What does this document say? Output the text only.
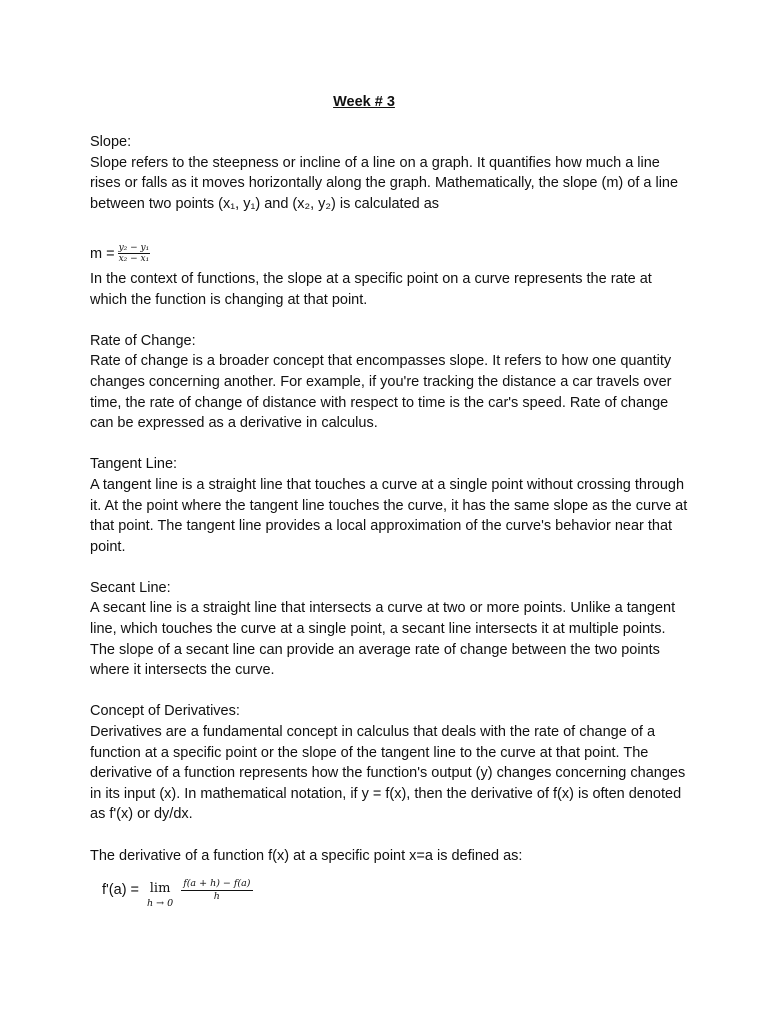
Week # 3

Slope:

Slope refers to the steepness or incline of a line on a graph. It quantifies how much a line rises or falls as it moves horizontally along the graph. Mathematically, the slope (m) of a line between two points (x₁, y₁) and (x₂, y₂) is calculated as

$m = \frac{\text{y₂ − y₁}}{\text{x₂ − x₁}}$

In the context of functions, the slope at a specific point on a curve represents the rate at which the function is changing at that point.

Rate of Change:

Rate of change is a broader concept that encompasses slope. It refers to how one quantity changes concerning another. For example, if you're tracking the distance a car travels over time, the rate of change of distance with respect to time is the car's speed. Rate of change can be expressed as a derivative in calculus.

Tangent Line:

A tangent line is a straight line that touches a curve at a single point without crossing through it. At the point where the tangent line touches the curve, it has the same slope as the curve at that point. The tangent line provides a local approximation of the curve's behavior near that point.

Secant Line:

A secant line is a straight line that intersects a curve at two or more points. Unlike a tangent line, which touches the curve at a single point, a secant line intersects it at multiple points. The slope of a secant line can provide an average rate of change between the two points where it intersects the curve.

Concept of Derivatives:

Derivatives are a fundamental concept in calculus that deals with the rate of change of a function at a specific point or the slope of the tangent line to the curve at that point. The derivative of a function represents how the function's output (y) changes concerning changes in its input (x). In mathematical notation, if y = f(x), then the derivative of f(x) is often denoted as f'(x) or dy/dx.

The derivative of a function f(x) at a specific point x=a is defined as:

f'(a) = lim
h → 0
$\frac{f(a + h) - f(a)}{h}$
